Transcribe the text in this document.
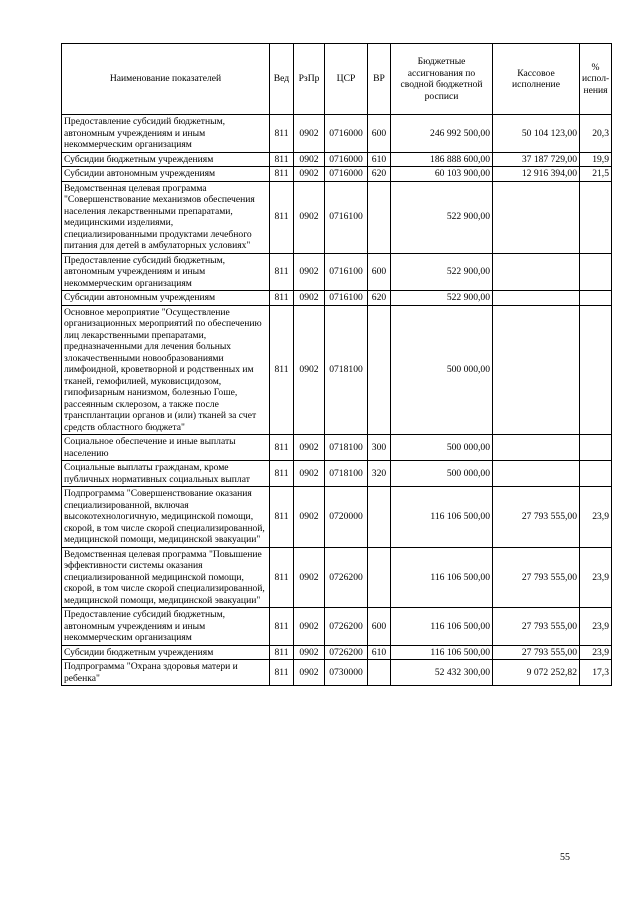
Наименование показателей	Вед	РзПр	ЦСР	ВР	Бюджетные ассигнования по сводной бюджетной росписи	Кассовое исполнение	% испол-нения
Предоставление субсидий бюджетным, автономным учреждениям и иным некоммерческим организациям	811	0902	0716000	600	246 992 500,00	50 104 123,00	20,3
Субсидии бюджетным учреждениям	811	0902	0716000	610	186 888 600,00	37 187 729,00	19,9
Субсидии автономным учреждениям	811	0902	0716000	620	60 103 900,00	12 916 394,00	21,5
Ведомственная целевая программа "Совершенствование механизмов обеспечения населения лекарственными препаратами, медицинскими изделиями, специализированными продуктами лечебного питания для детей в амбулаторных условиях"	811	0902	0716100		522 900,00		
Предоставление субсидий бюджетным, автономным учреждениям и иным некоммерческим организациям	811	0902	0716100	600	522 900,00		
Субсидии автономным учреждениям	811	0902	0716100	620	522 900,00		
Основное мероприятие "Осуществление организационных мероприятий по обеспечению лиц лекарственными препаратами, предназначенными для лечения больных злокачественными новообразованиями лимфоидной, кроветворной и родственных им тканей, гемофилией, муковисцидозом, гипофизарным нанизмом, болезнью Гоше, рассеянным склерозом, а также после трансплантации органов и (или) тканей за счет средств областного бюджета"	811	0902	0718100		500 000,00		
Социальное обеспечение и иные выплаты населению	811	0902	0718100	300	500 000,00		
Социальные выплаты гражданам, кроме публичных нормативных социальных выплат	811	0902	0718100	320	500 000,00		
Подпрограмма "Совершенствование оказания специализированной, включая высокотехнологичную, медицинской помощи, скорой, в том числе скорой специализированной, медицинской помощи, медицинской эвакуации"	811	0902	0720000		116 106 500,00	27 793 555,00	23,9
Ведомственная целевая программа "Повышение эффективности системы оказания специализированной медицинской помощи, скорой, в том числе скорой специализированной, медицинской помощи, медицинской эвакуации"	811	0902	0726200		116 106 500,00	27 793 555,00	23,9
Предоставление субсидий бюджетным, автономным учреждениям и иным некоммерческим организациям	811	0902	0726200	600	116 106 500,00	27 793 555,00	23,9
Субсидии бюджетным учреждениям	811	0902	0726200	610	116 106 500,00	27 793 555,00	23,9
Подпрограмма "Охрана здоровья матери и ребенка"	811	0902	0730000		52 432 300,00	9 072 252,82	17,3
55
